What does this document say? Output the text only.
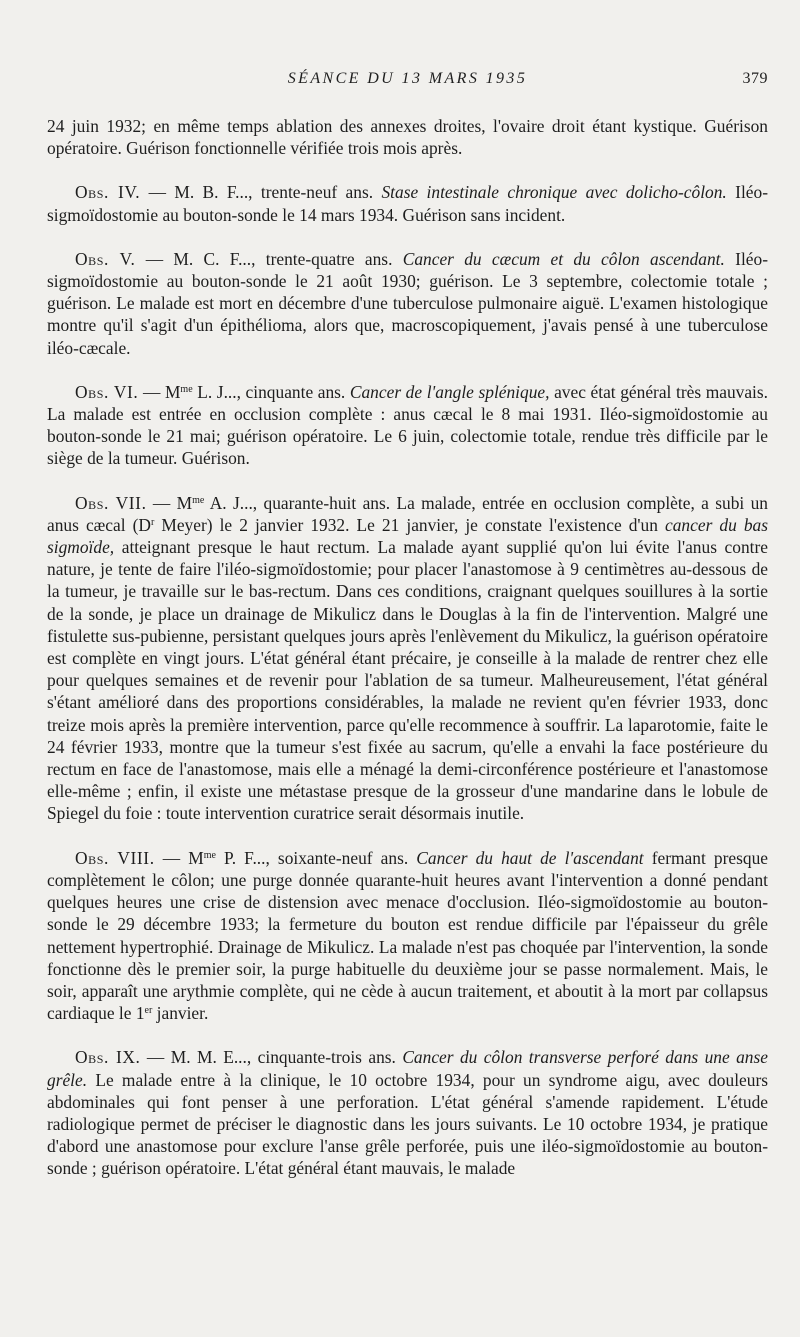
SÉANCE DU 13 MARS 1935	379

24 juin 1932; en même temps ablation des annexes droites, l'ovaire droit étant kystique. Guérison opératoire. Guérison fonctionnelle vérifiée trois mois après.

Obs. IV. — M. B. F..., trente-neuf ans. Stase intestinale chronique avec dolicho-côlon. Iléo-sigmoïdostomie au bouton-sonde le 14 mars 1934. Guérison sans incident.

Obs. V. — M. C. F..., trente-quatre ans. Cancer du cæcum et du côlon ascendant. Iléo-sigmoïdostomie au bouton-sonde le 21 août 1930; guérison. Le 3 septembre, colectomie totale ; guérison. Le malade est mort en décembre d'une tuberculose pulmonaire aiguë. L'examen histologique montre qu'il s'agit d'un épithélioma, alors que, macroscopiquement, j'avais pensé à une tuberculose iléo-cæcale.

Obs. VI. — $M^{me}$ L. J..., cinquante ans. Cancer de l'angle splénique, avec état général très mauvais. La malade est entrée en occlusion complète : anus cæcal le 8 mai 1931. Iléo-sigmoïdostomie au bouton-sonde le 21 mai; guérison opératoire. Le 6 juin, colectomie totale, rendue très difficile par le siège de la tumeur. Guérison.

Obs. VII. — $M^{me}$ A. J..., quarante-huit ans. La malade, entrée en occlusion complète, a subi un anus cæcal ($D^r$ Meyer) le 2 janvier 1932. Le 21 janvier, je constate l'existence d'un cancer du bas sigmoïde, atteignant presque le haut rectum. La malade ayant supplié qu'on lui évite l'anus contre nature, je tente de faire l'iléo-sigmoïdostomie; pour placer l'anastomose à 9 centimètres au-dessous de la tumeur, je travaille sur le bas-rectum. Dans ces conditions, craignant quelques souillures à la sortie de la sonde, je place un drainage de Mikulicz dans le Douglas à la fin de l'intervention. Malgré une fistulette sus-pubienne, persistant quelques jours après l'enlèvement du Mikulicz, la guérison opératoire est complète en vingt jours. L'état général étant précaire, je conseille à la malade de rentrer chez elle pour quelques semaines et de revenir pour l'ablation de sa tumeur. Malheureusement, l'état général s'étant amélioré dans des proportions considérables, la malade ne revient qu'en février 1933, donc treize mois après la première intervention, parce qu'elle recommence à souffrir. La laparotomie, faite le 24 février 1933, montre que la tumeur s'est fixée au sacrum, qu'elle a envahi la face postérieure du rectum en face de l'anastomose, mais elle a ménagé la demi-circonférence postérieure et l'anastomose elle-même ; enfin, il existe une métastase presque de la grosseur d'une mandarine dans le lobule de Spiegel du foie : toute intervention curatrice serait désormais inutile.

Obs. VIII. — $M^{me}$ P. F..., soixante-neuf ans. Cancer du haut de l'ascendant fermant presque complètement le côlon; une purge donnée quarante-huit heures avant l'intervention a donné pendant quelques heures une crise de distension avec menace d'occlusion. Iléo-sigmoïdostomie au bouton-sonde le 29 décembre 1933; la fermeture du bouton est rendue difficile par l'épaisseur du grêle nettement hypertrophié. Drainage de Mikulicz. La malade n'est pas choquée par l'intervention, la sonde fonctionne dès le premier soir, la purge habituelle du deuxième jour se passe normalement. Mais, le soir, apparaît une arythmie complète, qui ne cède à aucun traitement, et aboutit à la mort par collapsus cardiaque le 1er janvier.

Obs. IX. — M. M. E..., cinquante-trois ans. Cancer du côlon transverse perforé dans une anse grêle. Le malade entre à la clinique, le 10 octobre 1934, pour un syndrome aigu, avec douleurs abdominales qui font penser à une perforation. L'état général s'amende rapidement. L'étude radiologique permet de préciser le diagnostic dans les jours suivants. Le 10 octobre 1934, je pratique d'abord une anastomose pour exclure l'anse grêle perforée, puis une iléo-sigmoïdostomie au bouton-sonde ; guérison opératoire. L'état général étant mauvais, le malade
